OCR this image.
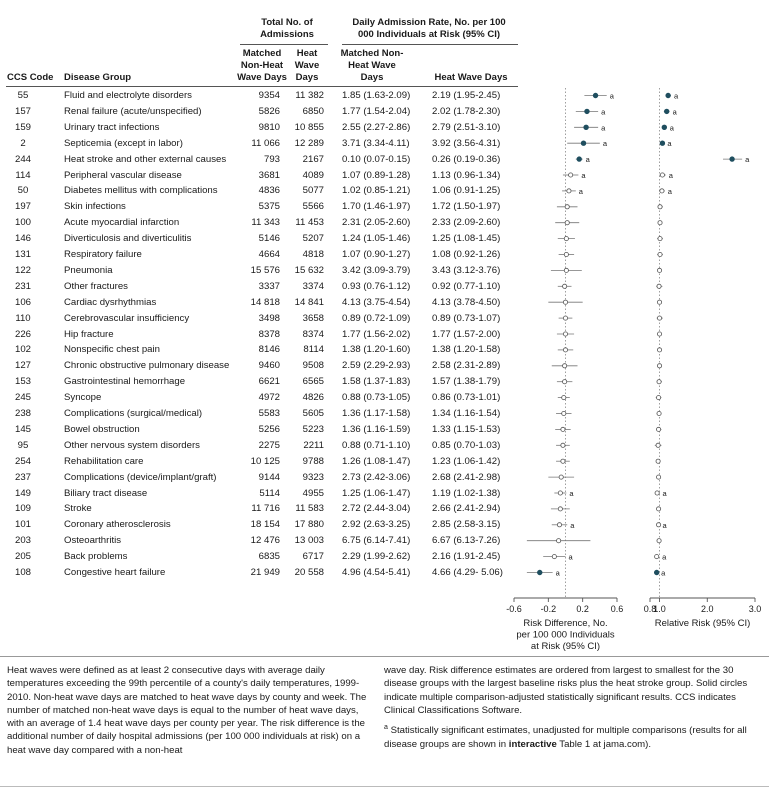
Total No. of Admissions
Daily Admission Rate, No. per 100 000 Individuals at Risk (95% CI)
Matched Non-Heat Wave Days
Heat Wave Days
Matched Non-Heat Wave Days	Heat Wave Days
CCS Code Disease Group
55	Fluid and electrolyte disorders	9354	11 382 1.85 (1.63-2.09) 2.19 (1.95-2.45)
157	Renal failure (acute/unspecified)	5826	6850 1.77 (1.54-2.04) 2.02 (1.78-2.30)
159	Urinary tract infections	9810	10 855 2.55 (2.27-2.86) 2.79 (2.51-3.10)
2	Septicemia (except in labor)	11 066	12 289 3.71 (3.34-4.11) 3.92 (3.56-4.31)
244	Heat stroke and other external causes	793	2167 0.10 (0.07-0.15) 0.26 (0.19-0.36)
114	Peripheral vascular disease	3681	4089 1.07 (0.89-1.28) 1.13 (0.96-1.34)
50	Diabetes mellitus with complications	4836	5077 1.02 (0.85-1.21) 1.06 (0.91-1.25)
197	Skin infections	5375	5566 1.70 (1.46-1.97) 1.72 (1.50-1.97)
100	Acute myocardial infarction	11 343	11 453 2.31 (2.05-2.60) 2.33 (2.09-2.60)
146	Diverticulosis and diverticulitis	5146	5207 1.24 (1.05-1.46) 1.25 (1.08-1.45)
131	Respiratory failure	4664	4818 1.07 (0.90-1.27) 1.08 (0.92-1.26)
122	Pneumonia	15 576	15 632 3.42 (3.09-3.79) 3.43 (3.12-3.76)
231	Other fractures	3337	3374 0.93 (0.76-1.12) 0.92 (0.77-1.10)
106	Cardiac dysrhythmias	14 818	14 841 4.13 (3.75-4.54) 4.13 (3.78-4.50)
110	Cerebrovascular insufficiency	3498	3658 0.89 (0.72-1.09) 0.89 (0.73-1.07)
226	Hip fracture	8378	8374 1.77 (1.56-2.02) 1.77 (1.57-2.00)
102	Nonspecific chest pain	8146	8114 1.38 (1.20-1.60) 1.38 (1.20-1.58)
127	Chronic obstructive pulmonary disease	9460	9508 2.59 (2.29-2.93) 2.58 (2.31-2.89)
153	Gastrointestinal hemorrhage	6621	6565 1.58 (1.37-1.83) 1.57 (1.38-1.79)
245	Syncope	4972	4826 0.88 (0.73-1.05) 0.86 (0.73-1.01)
238	Complications (surgical/medical)	5583	5605 1.36 (1.17-1.58) 1.34 (1.16-1.54)
145	Bowel obstruction	5256	5223 1.36 (1.16-1.59) 1.33 (1.15-1.53)
95	Other nervous system disorders	2275	2211 0.88 (0.71-1.10) 0.85 (0.70-1.03)
254	Rehabilitation care	10 125	9788 1.26 (1.08-1.47) 1.23 (1.06-1.42)
237	Complications (device/implant/graft)	9144	9323 2.73 (2.42-3.06) 2.68 (2.41-2.98)
149	Biliary tract disease	5114	4955 1.25 (1.06-1.47) 1.19 (1.02-1.38)
109	Stroke	11 716	11 583 2.72 (2.44-3.04) 2.66 (2.41-2.94)
101	Coronary atherosclerosis	18 154	17 880 2.92 (2.63-3.25) 2.85 (2.58-3.15)
203	Osteoarthritis	12 476	13 003 6.75 (6.14-7.41) 6.67 (6.13-7.26)
205	Back problems	6835	6717 2.29 (1.99-2.62) 2.16 (1.91-2.45)
108	Congestive heart failure	21 949	20 558 4.96 (4.54-5.41) 4.66 (4.29- 5.06)
-0.6 -0.2 0.2 0.6
Risk Difference, No.
per 100 000 Individuals
at Risk (95% CI)
a
a
a
a
a
a
a
a
a
a
a
0.8
1.0	2.0	3.0
Relative Risk (95% CI)
a
a
a
a
a
a
a
a
a
a
a

Heat waves were defined as at least 2 consecutive days with average daily temperatures exceeding the 99th percentile of a county's daily temperatures, 1999-2010. Non-heat wave days are matched to heat wave days by county and week. The number of matched non-heat wave days is equal to the number of heat wave days, with an average of 1.4 heat wave days per county per year. The risk difference is the additional number of daily hospital admissions (per 100 000 individuals at risk) on a heat wave day compared with a non-heat

wave day. Risk difference estimates are ordered from largest to smallest for the 30 disease groups with the largest baseline risks plus the heat stroke group. Solid circles indicate multiple comparison-adjusted statistically significant results. CCS indicates Clinical Classifications Software.

$^a$ Statistically significant estimates, unadjusted for multiple comparisons (results for all disease groups are shown in interactive Table 1 at jama.com).
